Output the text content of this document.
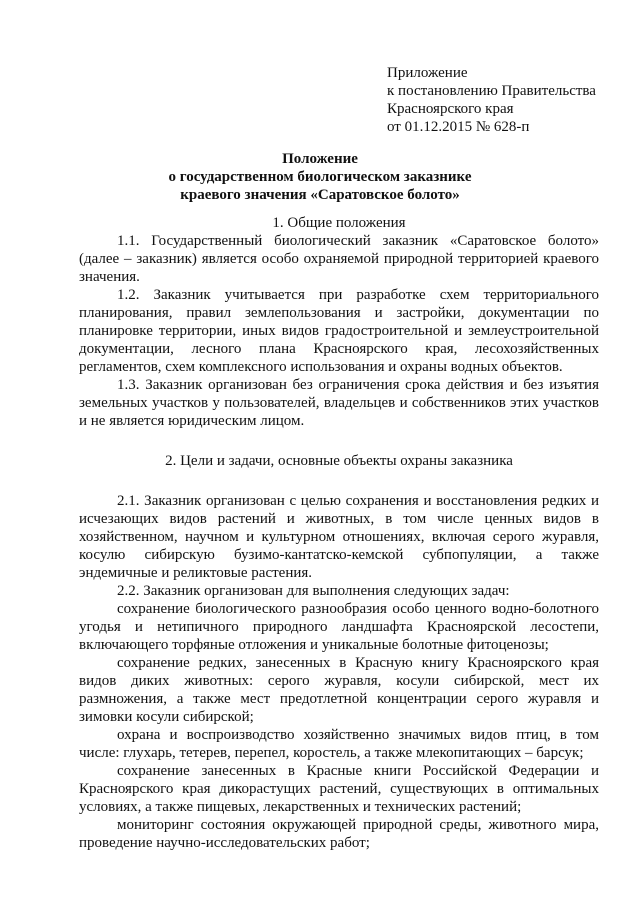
Приложение
к постановлению Правительства
Красноярского края
от 01.12.2015 № 628-п
Положение
о государственном биологическом заказнике
краевого значения «Саратовское болото»
1. Общие положения

1.1. Государственный биологический заказник «Саратовское болото» (далее – заказник) является особо охраняемой природной территорией краевого значения.

1.2. Заказник учитывается при разработке схем территориального планирования, правил землепользования и застройки, документации по планировке территории, иных видов градостроительной и землеустроительной документации, лесного плана Красноярского края, лесохозяйственных регламентов, схем комплексного использования и охраны водных объектов.

1.3. Заказник организован без ограничения срока действия и без изъятия земельных участков у пользователей, владельцев и собственников этих участков и не является юридическим лицом.

2. Цели и задачи, основные объекты охраны заказника

2.1. Заказник организован с целью сохранения и восстановления редких и исчезающих видов растений и животных, в том числе ценных видов в хозяйственном, научном и культурном отношениях, включая серого журавля, косулю сибирскую бузимо-кантатско-кемской субпопуляции, а также эндемичные и реликтовые растения.

2.2. Заказник организован для выполнения следующих задач:

сохранение биологического разнообразия особо ценного водно-болотного угодья и нетипичного природного ландшафта Красноярской лесостепи, включающего торфяные отложения и уникальные болотные фитоценозы;

сохранение редких, занесенных в Красную книгу Красноярского края видов диких животных: серого журавля, косули сибирской, мест их размножения, а также мест предотлетной концентрации серого журавля и зимовки косули сибирской;

охрана и воспроизводство хозяйственно значимых видов птиц, в том числе: глухарь, тетерев, перепел, коростель, а также млекопитающих – барсук;

сохранение занесенных в Красные книги Российской Федерации и Красноярского края дикорастущих растений, существующих в оптимальных условиях, а также пищевых, лекарственных и технических растений;

мониторинг состояния окружающей природной среды, животного мира, проведение научно-исследовательских работ;
